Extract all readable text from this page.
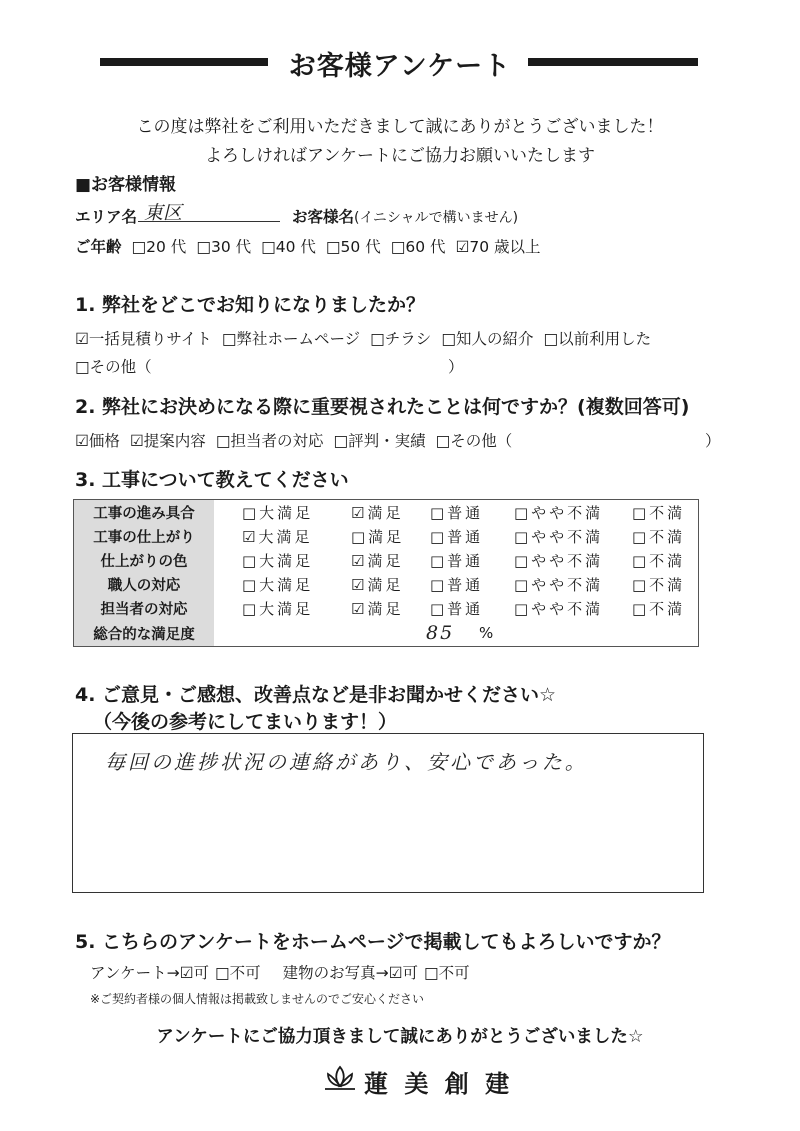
お客様アンケート
この度は弊社をご利用いただきまして誠にありがとうございました！
よろしければアンケートにご協力お願いいたします
■お客様情報
エリア名 東区	お客様名(イニシャルで構いません)
ご年齢 □20 代 □30 代 □40 代 □50 代 □60 代 ☑70 歳以上
1. 弊社をどこでお知りになりましたか？
☑一括見積りサイト □弊社ホームページ □チラシ □知人の紹介 □以前利用した
□その他（	）
2. 弊社にお決めになる際に重要視されたことは何ですか？(複数回答可)
☑価格 ☑提案内容 □担当者の対応 □評判・実績 □その他（	）
3. 工事について教えてください
工事の進み具合	□大満足	☑満足 □普通 □やや不満 □不満
工事の仕上がり	☑大満足	□満足 □普通 □やや不満 □不満
仕上がりの色	□大満足	☑満足 □普通 □やや不満 □不満
職人の対応	□大満足	☑満足 □普通 □やや不満 □不満
担当者の対応	□大満足	☑満足 □普通 □やや不満 □不満
総合的な満足度	85 %
4. ご意見・ご感想、改善点など是非お聞かせください☆
（今後の参考にしてまいります！）
毎回の進捗状況の連絡があり、安心であった。
5. こちらのアンケートをホームページで掲載してもよろしいですか？
アンケート→ ☑可 □不可 建物のお写真→ ☑可 □不可
※ご契約者様の個人情報は掲載致しませんのでご安心ください
アンケートにご協力頂きまして誠にありがとうございました☆
蓮 美 創 建
